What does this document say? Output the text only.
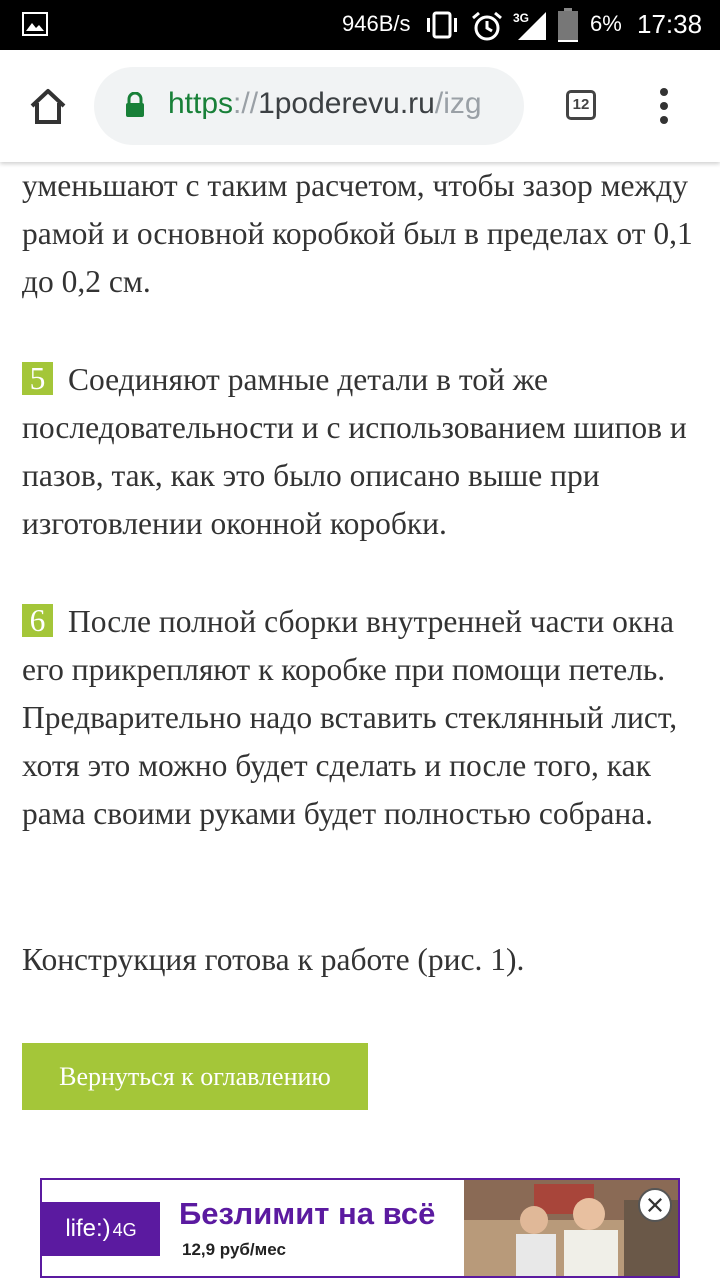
946B/s	3G	6% 17:38
https://1poderevu.ru/izg	12

уменьшают с таким расчетом, чтобы зазор между рамой и основной коробкой был в пределах от 0,1 до 0,2 см.

5 Соединяют рамные детали в той же последовательности и с использованием шипов и пазов, так, как это было описано выше при изготовлении оконной коробки.

6 После полной сборки внутренней части окна его прикрепляют к коробке при помощи петель. Предварительно надо вставить стеклянный лист, хотя это можно будет сделать и после того, как рама своими руками будет полностью собрана.

Конструкция готова к работе (рис. 1).

Вернуться к оглавлению
life:) 4G	Безлимит на всё
12,9 руб/мес
